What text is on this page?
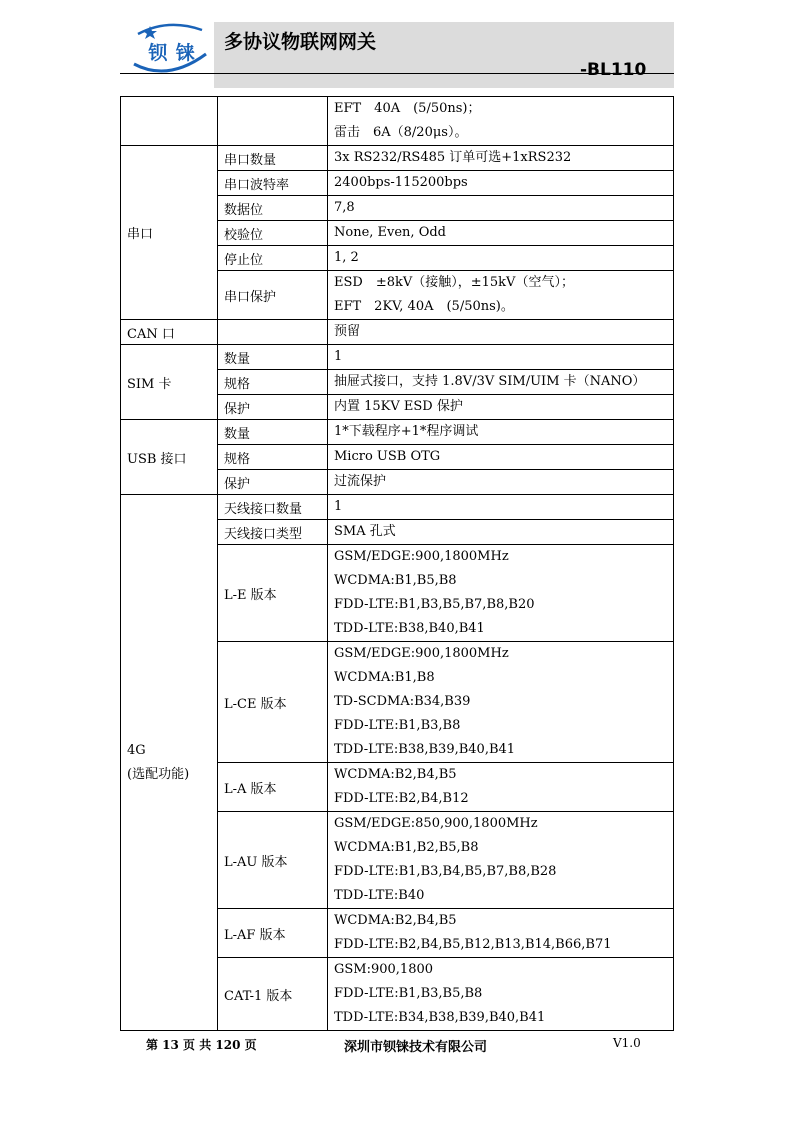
钡 铼	多协议物联网网关
-BL110

		EFT　40A　(5/50ns)；
雷击　6A（8/20μs）。

串口	串口数量	3x RS232/RS485 订单可选+1xRS232

	串口波特率	2400bps-115200bps

	数据位	7,8

	校验位	None, Even, Odd

	停止位	1, 2

	串口保护	ESD　±8kV（接触），±15kV（空气）；
EFT　2KV, 40A　(5/50ns)。

CAN 口		预留

SIM 卡	数量	1

	规格	抽屉式接口，支持 1.8V/3V SIM/UIM 卡（NANO）

	保护	内置 15KV ESD 保护

USB 接口	数量	1*下载程序+1*程序调试

	规格	Micro USB OTG

	保护	过流保护

4G
(选配功能)	天线接口数量	1

	天线接口类型	SMA 孔式

	L-E 版本	GSM/EDGE:900,1800MHz
WCDMA:B1,B5,B8
FDD-LTE:B1,B3,B5,B7,B8,B20
TDD-LTE:B38,B40,B41

	L-CE 版本	GSM/EDGE:900,1800MHz
WCDMA:B1,B8
TD-SCDMA:B34,B39
FDD-LTE:B1,B3,B8
TDD-LTE:B38,B39,B40,B41

	L-A 版本	WCDMA:B2,B4,B5
FDD-LTE:B2,B4,B12

	L-AU 版本	GSM/EDGE:850,900,1800MHz
WCDMA:B1,B2,B5,B8
FDD-LTE:B1,B3,B4,B5,B7,B8,B28
TDD-LTE:B40

	L-AF 版本	WCDMA:B2,B4,B5
FDD-LTE:B2,B4,B5,B12,B13,B14,B66,B71

	CAT-1 版本	GSM:900,1800
FDD-LTE:B1,B3,B5,B8
TDD-LTE:B34,B38,B39,B40,B41
第 13 页 共 120 页	深圳市钡铼技术有限公司	V1.0
